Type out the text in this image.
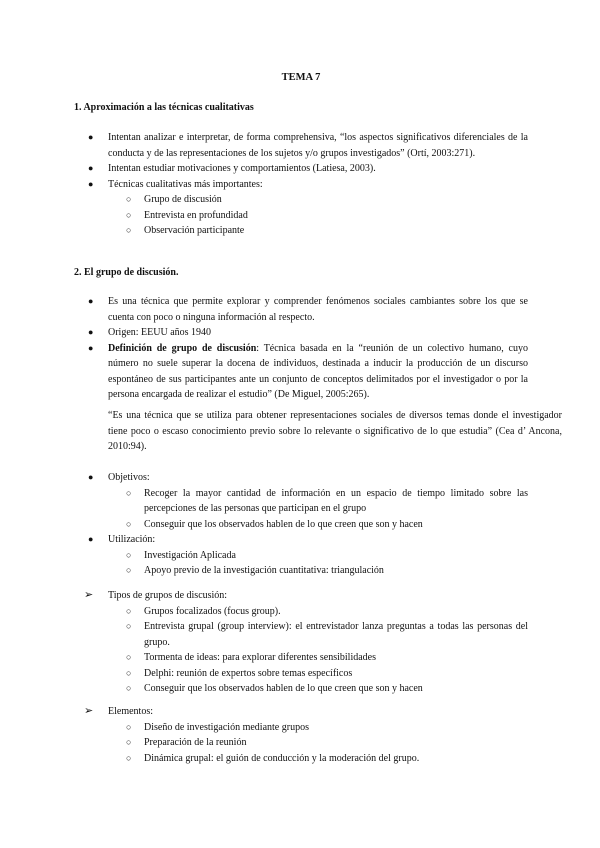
TEMA 7
1. Aproximación a las técnicas cualitativas
● Intentan analizar e interpretar, de forma comprehensiva, “los aspectos significativos diferenciales de la conducta y de las representaciones de los sujetos y/o grupos investigados” (Ortí, 2003:271).
● Intentan estudiar motivaciones y comportamientos (Latiesa, 2003).
● Técnicas cualitativas más importantes:
○ Grupo de discusión
○ Entrevista en profundidad
○ Observación participante
2. El grupo de discusión.
● Es una técnica que permite explorar y comprender fenómenos sociales cambiantes sobre los que se cuenta con poco o ninguna información al respecto.
● Origen: EEUU años 1940
● Definición de grupo de discusión: Técnica basada en la “reunión de un colectivo humano, cuyo número no suele superar la docena de individuos, destinada a inducir la producción de un discurso espontáneo de sus participantes ante un conjunto de conceptos delimitados por el investigador o por la persona encargada de realizar el estudio” (De Miguel, 2005:265).
“Es una técnica que se utiliza para obtener representaciones sociales de diversos temas donde el investigador tiene poco o escaso conocimiento previo sobre lo relevante o significativo de lo que estudia” (Cea d’ Ancona, 2010:94).
● Objetivos:
○ Recoger la mayor cantidad de información en un espacio de tiempo limitado sobre las percepciones de las personas que participan en el grupo
○ Conseguir que los observados hablen de lo que creen que son y hacen
● Utilización:
○ Investigación Aplicada
○ Apoyo previo de la investigación cuantitativa: triangulación
➢ Tipos de grupos de discusión:
○ Grupos focalizados (focus group).
○ Entrevista grupal (group interview): el entrevistador lanza preguntas a todas las personas del grupo.
○ Tormenta de ideas: para explorar diferentes sensibilidades
○ Delphi: reunión de expertos sobre temas específicos
○ Conseguir que los observados hablen de lo que creen que son y hacen
➢ Elementos:
○ Diseño de investigación mediante grupos
○ Preparación de la reunión
○ Dinámica grupal: el guión de conducción y la moderación del grupo.
